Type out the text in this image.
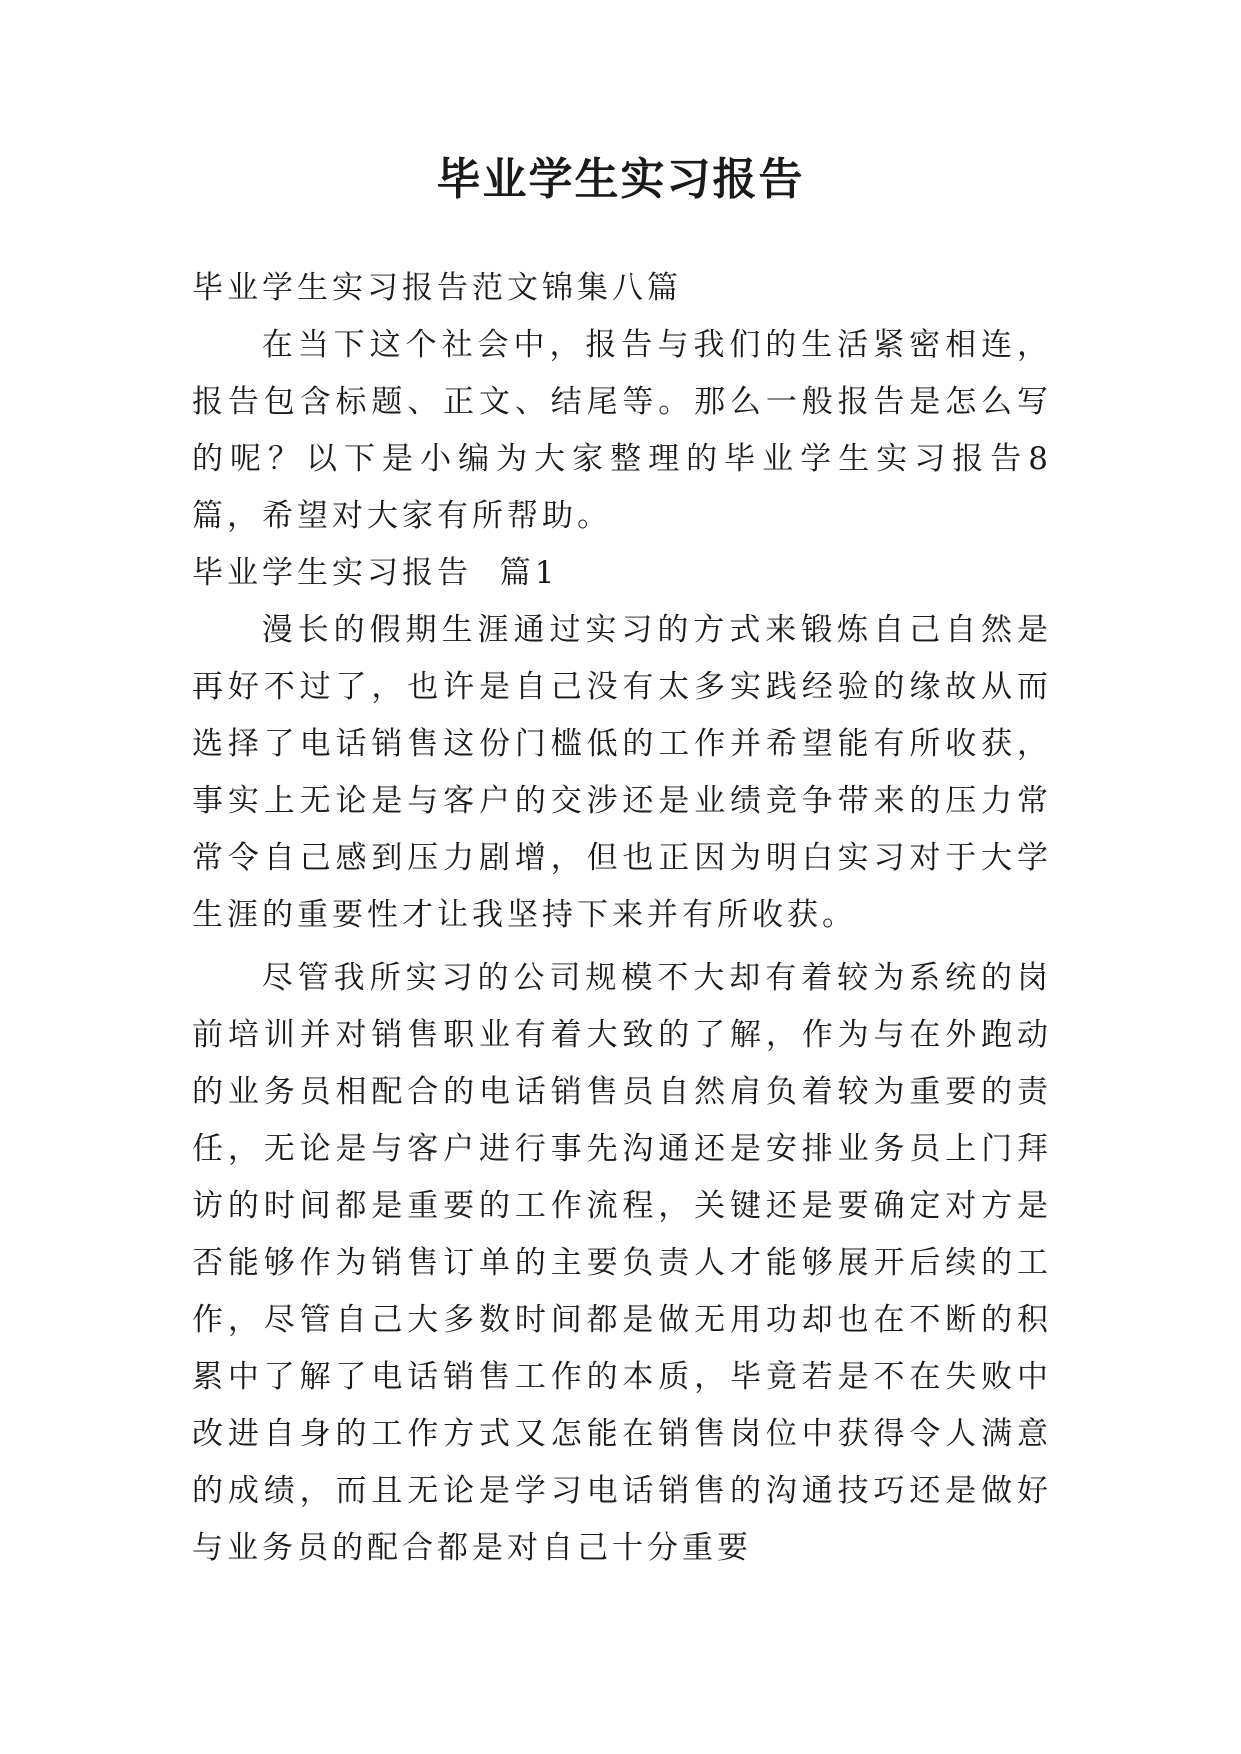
毕业学生实习报告

毕业学生实习报告范文锦集八篇

在当下这个社会中，报告与我们的生活紧密相连，报告包含标题、正文、结尾等。那么一般报告是怎么写的呢？以下是小编为大家整理的毕业学生实习报告8篇，希望对大家有所帮助。

毕业学生实习报告  篇1

漫长的假期生涯通过实习的方式来锻炼自己自然是再好不过了，也许是自己没有太多实践经验的缘故从而选择了电话销售这份门槛低的工作并希望能有所收获，事实上无论是与客户的交涉还是业绩竞争带来的压力常常令自己感到压力剧增，但也正因为明白实习对于大学生涯的重要性才让我坚持下来并有所收获。

尽管我所实习的公司规模不大却有着较为系统的岗前培训并对销售职业有着大致的了解，作为与在外跑动的业务员相配合的电话销售员自然肩负着较为重要的责任，无论是与客户进行事先沟通还是安排业务员上门拜访的时间都是重要的工作流程，关键还是要确定对方是否能够作为销售订单的主要负责人才能够展开后续的工作，尽管自己大多数时间都是做无用功却也在不断的积累中了解了电话销售工作的本质，毕竟若是不在失败中改进自身的工作方式又怎能在销售岗位中获得令人满意的成绩，而且无论是学习电话销售的沟通技巧还是做好与业务员的配合都是对自己十分重要
